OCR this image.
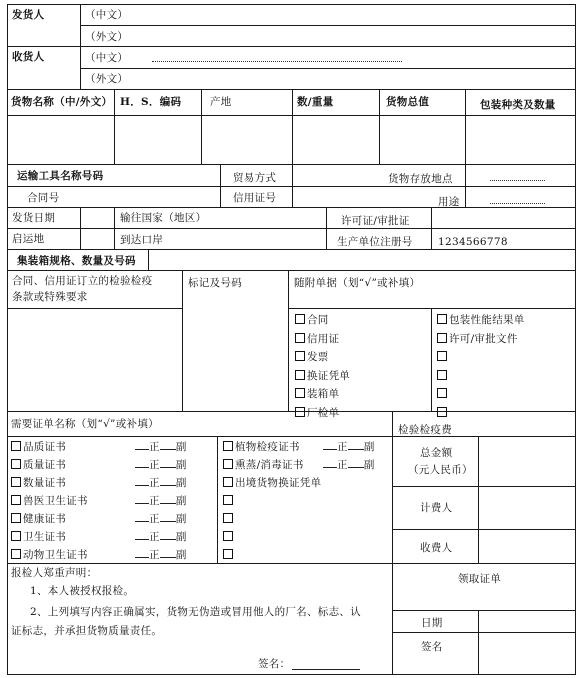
发货人	（中文）
（外文）
收货人	（中文）
（外文）
货物名称（中/外文） H．S．编码	产地	数/重量	货物总值	包装种类及数量
运输工具名称号码	贸易方式	货物存放地点
合同号	信用证号	用途
发货日期	输往国家（地区）	许可证/审批证
启运地	到达口岸	生产单位注册号 1234566778
集装箱规格、数量及号码
合同、信用证订立的检验检疫
条款或特殊要求
标记及号码	随附单据（划“√”或补填）
合同
信用证
发票
换证凭单
装箱单
厂检单
包装性能结果单
许可/审批文件
需要证单名称（划“√”或补填）	检验检疫费
品质证书	正 副
质量证书	正 副
数量证书	正 副
兽医卫生证书	正 副
健康证书	正 副
卫生证书	正 副
动物卫生证书	正 副
植物检疫证书	正 副
熏蒸/消毒证书	正 副
出境货物换证凭单
总金额
（元人民币）
计费人
收费人
报检人郑重声明：
1、本人被授权报检。
2、上列填写内容正确属实，货物无伪造或冒用他人的厂名、标志、认
证标志，并承担货物质量责任。
签名：
领取证单
日期
签名
